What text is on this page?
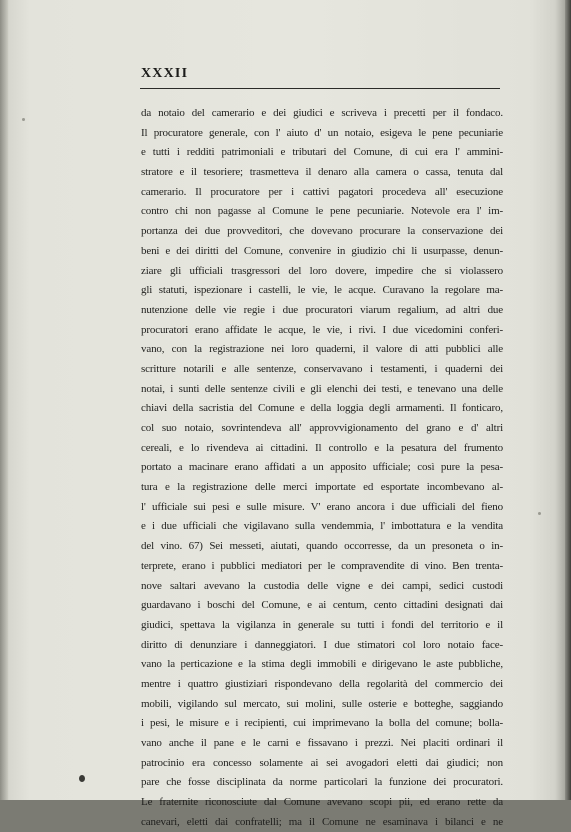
XXXII
da notaio del camerario e dei giudici e scriveva i precetti per il fondaco.
Il procuratore generale, con l' aiuto d' un notaio, esigeva le pene pecuniarie
e tutti i redditi patrimoniali e tributari del Comune, di cui era l' ammini-
stratore e il tesoriere; trasmetteva il denaro alla camera o cassa, tenuta dal
camerario. Il procuratore per i cattivi pagatori procedeva all' esecuzione
contro chi non pagasse al Comune le pene pecuniarie. Notevole era l' im-
portanza dei due provveditori, che dovevano procurare la conservazione dei
beni e dei diritti del Comune, convenire in giudizio chi li usurpasse, denun-
ziare gli ufficiali trasgressori del loro dovere, impedire che si violassero
gli statuti, ispezionare i castelli, le vie, le acque. Curavano la regolare ma-
nutenzione delle vie regie i due procuratori viarum regalium, ad altri due
procuratori erano affidate le acque, le vie, i rivi. I due vicedomini conferi-
vano, con la registrazione nei loro quaderni, il valore di atti pubblici alle
scritture notarili e alle sentenze, conservavano i testamenti, i quaderni dei
notai, i sunti delle sentenze civili e gli elenchi dei testi, e tenevano una delle
chiavi della sacristia del Comune e della loggia degli armamenti. Il fonticaro,
col suo notaio, sovrintendeva all' approvvigionamento del grano e d' altri
cereali, e lo rivendeva ai cittadini. Il controllo e la pesatura del frumento
portato a macinare erano affidati a un apposito ufficiale; così pure la pesa-
tura e la registrazione delle merci importate ed esportate incombevano al-
l' ufficiale sui pesi e sulle misure. V' erano ancora i due ufficiali del fieno
e i due ufficiali che vigilavano sulla vendemmia, l' imbottatura e la vendita
del vino. 67) Sei messeti, aiutati, quando occorresse, da un presoneta o in-
terprete, erano i pubblici mediatori per le compravendite di vino. Ben trenta-
nove saltari avevano la custodia delle vigne e dei campi, sedici custodi
guardavano i boschi del Comune, e ai centum, cento cittadini designati dai
giudici, spettava la vigilanza in generale su tutti i fondi del territorio e il
diritto di denunziare i danneggiatori. I due stimatori col loro notaio face-
vano la perticazione e la stima degli immobili e dirigevano le aste pubbliche,
mentre i quattro giustiziari rispondevano della regolarità del commercio dei
mobili, vigilando sul mercato, sui molini, sulle osterie e botteghe, saggiando
i pesi, le misure e i recipienti, cui imprimevano la bolla del comune; bolla-
vano anche il pane e le carni e fissavano i prezzi. Nei placiti ordinari il
patrocinio era concesso solamente ai sei avogadori eletti dai giudici; non
pare che fosse disciplinata da norme particolari la funzione dei procuratori.
Le fraternite riconosciute dal Comune avevano scopi pii, ed erano rette da
canevari, eletti dai confratelli; ma il Comune ne esaminava i bilanci e ne
